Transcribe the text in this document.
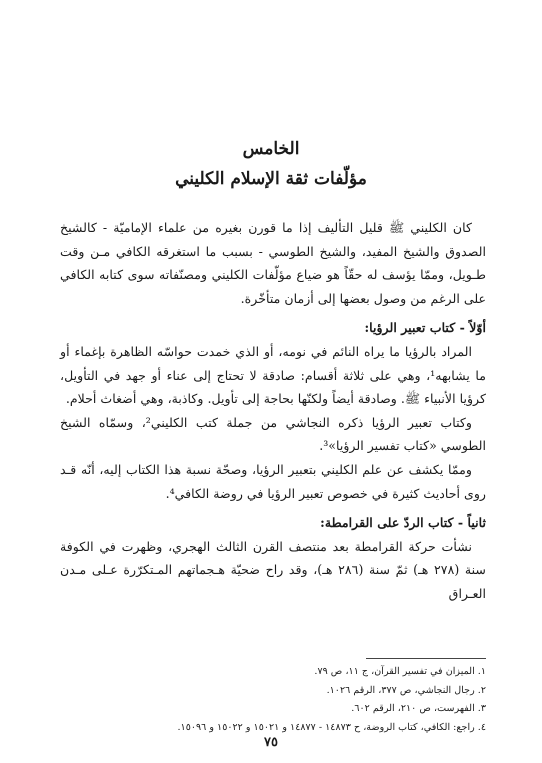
الخامس
مؤلّفات ثقة الإسلام الكليني

كان الكليني ﷺ قليل التأليف إذا ما قورن بغيره من علماء الإماميّة - كالشيخ الصدوق والشيخ المفيد، والشيخ الطوسي - بسبب ما استغرقه الكافي مـن وقت طـويل، وممّا يؤسف له حقّاً هو ضياع مؤلّفات الكليني ومصنّفاته سوى كتابه الكافي على الرغم من وصول بعضها إلى أزمان متأخّرة.

أوّلاً - كتاب تعبير الرؤيا:

المراد بالرؤيا ما يراه النائم في نومه، أو الذي خمدت حواسّه الظاهرة بإغماء أو ما يشابهه¹، وهي على ثلاثة أقسام: صادقة لا تحتاج إلى عناء أو جهد في التأويل، كرؤيا الأنبياء ﷺ. وصادقة أيضاً ولكنّها بحاجة إلى تأويل. وكاذبة، وهي أضغاث أحلام.

وكتاب تعبير الرؤيا ذكره النجاشي من جملة كتب الكليني²، وسمّاه الشيخ الطوسي «كتاب تفسير الرؤيا»³.

وممّا يكشف عن علم الكليني بتعبير الرؤيا، وصحّة نسبة هذا الكتاب إليه، أنّه قـد روى أحاديث كثيرة في خصوص تعبير الرؤيا في روضة الكافي⁴.

ثانياً - كتاب الردّ على القرامطة:

نشأت حركة القرامطة بعد منتصف القرن الثالث الهجري، وظهرت في الكوفة سنة (٢٧٨ هـ) ثمّ سنة (٢٨٦ هـ)، وقد راح ضحيّة هـجماتهم المـتكرّرة عـلى مـدن العـراق

١. الميزان في تفسير القرآن، ج ١١، ص ٧٩.
٢. رجال النجاشي، ص ٣٧٧، الرقم ١٠٢٦.
٣. الفهرست، ص ٢١٠، الرقم ٦٠٢.
٤. راجع: الكافي، كتاب الروضة، ح ١٤٨٧٣ - ١٤٨٧٧ و ١٥٠٢١ و ١٥٠٢٢ و ١٥٠٩٦.
٧٥
